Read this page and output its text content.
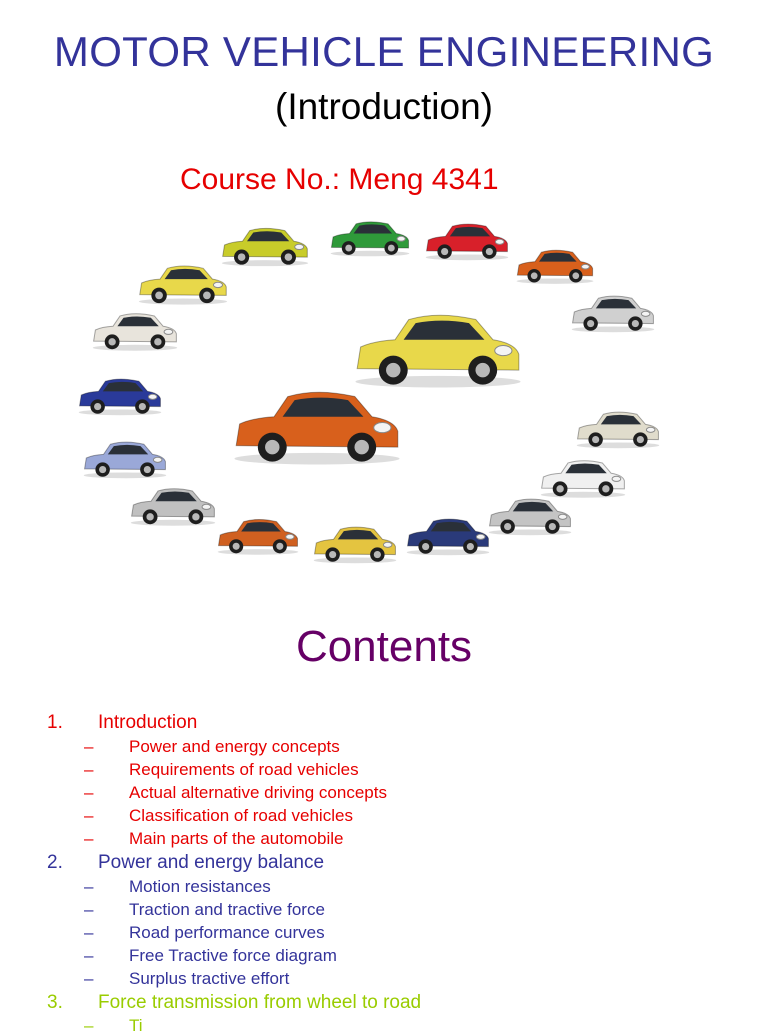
MOTOR VEHICLE ENGINEERING
(Introduction)
Course No.: Meng 4341
Contents
1. Introduction
– Power and energy concepts
– Requirements of road vehicles
– Actual alternative driving concepts
– Classification of road vehicles
– Main parts of the automobile
2. Power and energy balance
– Motion resistances
– Traction and tractive force
– Road performance curves
– Free Tractive force diagram
– Surplus tractive effort
3. Force transmission from wheel to road
– Ti
